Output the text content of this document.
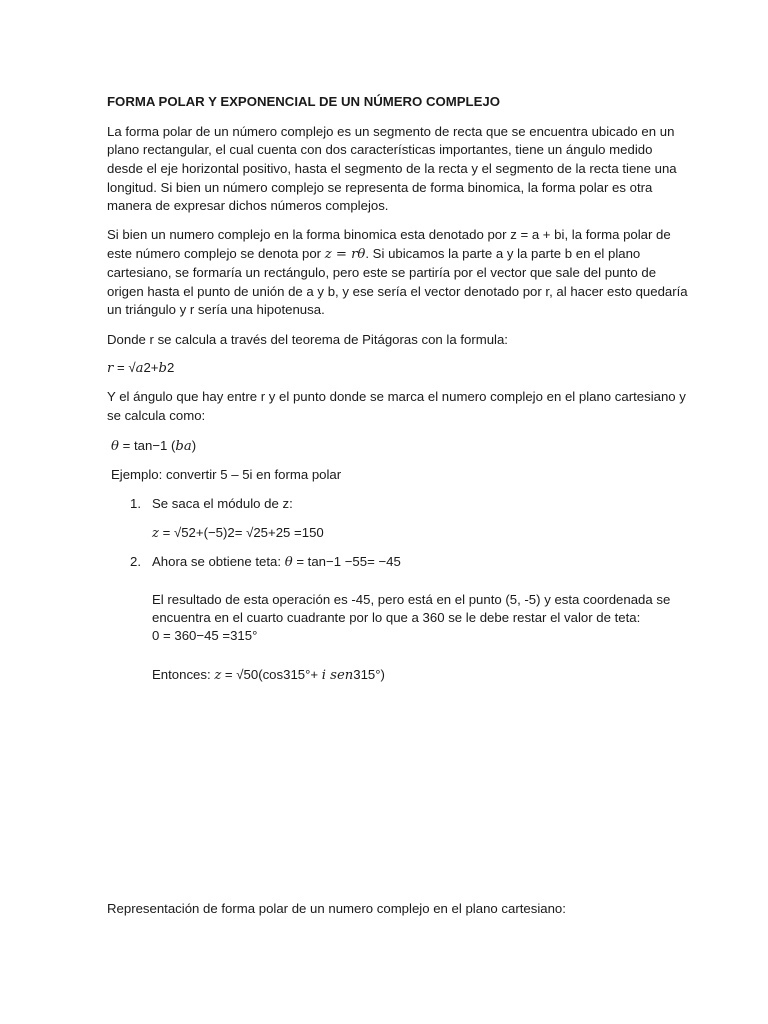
FORMA POLAR Y EXPONENCIAL DE UN NÚMERO COMPLEJO
La forma polar de un número complejo es un segmento de recta que se encuentra ubicado en un
plano rectangular, el cual cuenta con dos características importantes, tiene un ángulo medido
desde el eje horizontal positivo, hasta el segmento de la recta y el segmento de la recta tiene una
longitud. Si bien un número complejo se representa de forma binomica, la forma polar es otra
manera de expresar dichos números complejos.
Si bien un numero complejo en la forma binomica esta denotado por z = a + bi, la forma polar de
este número complejo se denota por z = rθ. Si ubicamos la parte a y la parte b en el plano
cartesiano, se formaría un rectángulo, pero este se partiría por el vector que sale del punto de
origen hasta el punto de unión de a y b, y ese sería el vector denotado por r, al hacer esto quedaría
un triángulo y r sería una hipotenusa.
Donde r se calcula a través del teorema de Pitágoras con la formula:
r = √a2+b2
Y el ángulo que hay entre r y el punto donde se marca el numero complejo en el plano cartesiano y
se calcula como:
θ = tan−1 (ba)
Ejemplo: convertir 5 – 5i en forma polar
1. Se saca el módulo de z:
z = √52+(−5)2= √25+25 =150
2. Ahora se obtiene teta: θ = tan−1 −55= −45
El resultado de esta operación es -45, pero está en el punto (5, -5) y esta coordenada se
encuentra en el cuarto cuadrante por lo que a 360 se le debe restar el valor de teta:
0 = 360−45 =315°
Entonces: z = √50(cos315°+ i sen315°)
Representación de forma polar de un numero complejo en el plano cartesiano:
